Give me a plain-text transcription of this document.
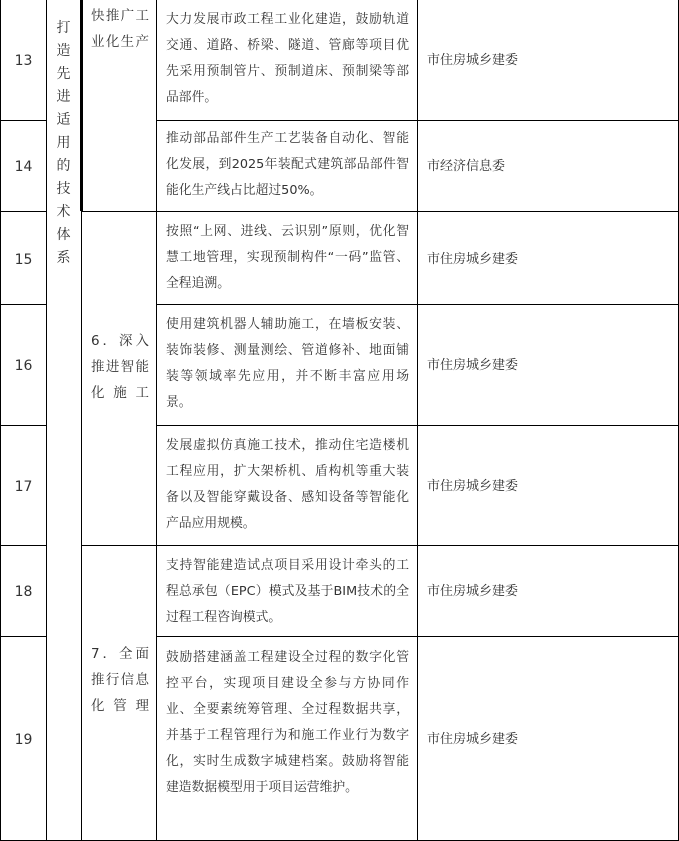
打
造
先
进
适
用
的
技
术
体
系
快推广工业化生产
6．深入推进智能化施工
7．全面推行信息化管理
13
大力发展市政工程工业化建造，鼓励轨道交通、道路、桥梁、隧道、管廊等项目优先采用预制管片、预制道床、预制梁等部品部件。
市住房城乡建委
14
推动部品部件生产工艺装备自动化、智能化发展，到2025年装配式建筑部品部件智能化生产线占比超过50%。
市经济信息委
15
按照“上网、进线、云识别”原则，优化智慧工地管理，实现预制构件“一码”监管、全程追溯。
市住房城乡建委
16
使用建筑机器人辅助施工，在墙板安装、装饰装修、测量测绘、管道修补、地面铺装等领域率先应用，并不断丰富应用场景。
市住房城乡建委
17
发展虚拟仿真施工技术，推动住宅造楼机工程应用，扩大架桥机、盾构机等重大装备以及智能穿戴设备、感知设备等智能化产品应用规模。
市住房城乡建委
18
支持智能建造试点项目采用设计牵头的工程总承包（EPC）模式及基于BIM技术的全过程工程咨询模式。
市住房城乡建委
19
鼓励搭建涵盖工程建设全过程的数字化管控平台，实现项目建设全参与方协同作业、全要素统筹管理、全过程数据共享，并基于工程管理行为和施工作业行为数字化，实时生成数字城建档案。鼓励将智能建造数据模型用于项目运营维护。
市住房城乡建委
